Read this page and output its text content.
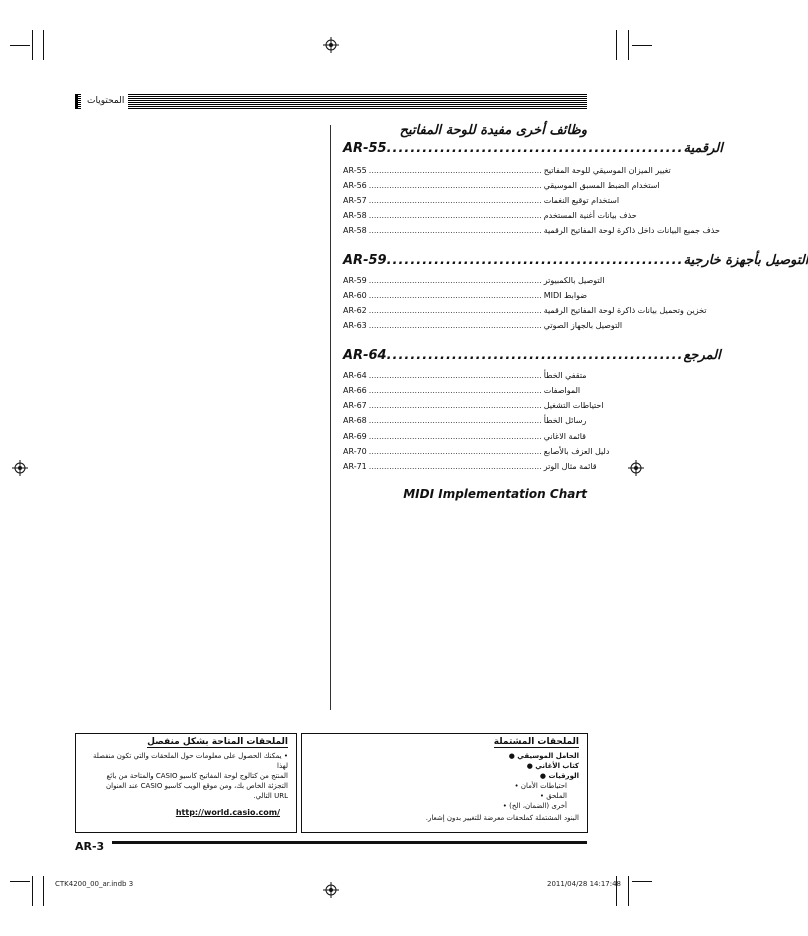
المحتويات
وظائف أخرى مفيدة للوحة المفاتيح
AR-55 .................................................. الرقمية
AR-55 .................................................................... تغيير الميزان الموسيقي للوحة المفاتيح
AR-56 .................................................................... استخدام الضبط المسبق الموسيقي
AR-57 .................................................................... استخدام توقيع النغمات
AR-58 .................................................................... حذف بيانات أغنية المستخدم
AR-58 .................................................................... حذف جميع البيانات داخل ذاكرة لوحة المفاتيح الرقمية
AR-59 .................................................. التوصيل بأجهزة خارجية
AR-59 .................................................................... التوصيل بالكمبيوتر
AR-60 .................................................................... ضوابط MIDI
AR-62 .................................................................... تخزين وتحميل بيانات ذاكرة لوحة المفاتيح الرقمية
AR-63 .................................................................... التوصيل بالجهاز الصوتي
AR-64 .................................................. المرجع
AR-64 .................................................................... متقفي الخطأ
AR-66 .................................................................... المواصفات
AR-67 .................................................................... احتياطات التشغيل
AR-68 .................................................................... رسائل الخطأ
AR-69 .................................................................... قائمة الاغاني
AR-70 .................................................................... دليل العزف بالأصابع
AR-71 .................................................................... قائمة مثال الوتر
MIDI Implementation Chart
الملحقات المتاحة بشكل منفصل
• يمكنك الحصول على معلومات حول الملحقات والتي تكون منفصلة لهذا
المنتج من كتالوج لوحة المفاتيح كاسيو CASIO والمتاحة من بائع
التجزئة الخاص بك، ومن موقع الويب كاسيو CASIO عند العنوان
URL التالي.
http://world.casio.com/
الملحقات المشتملة
الحامل الموسيقي ●
كتاب الأغاني ●
الورقيات ●
احتياطات الأمان •
الملحق •
أخرى (الضمان، الخ) •
البنود المشتملة كملحقات معرضة للتغيير بدون إشعار.
AR-3
CTK4200_00_ar.indb 3	2011/04/28 14:17:48
